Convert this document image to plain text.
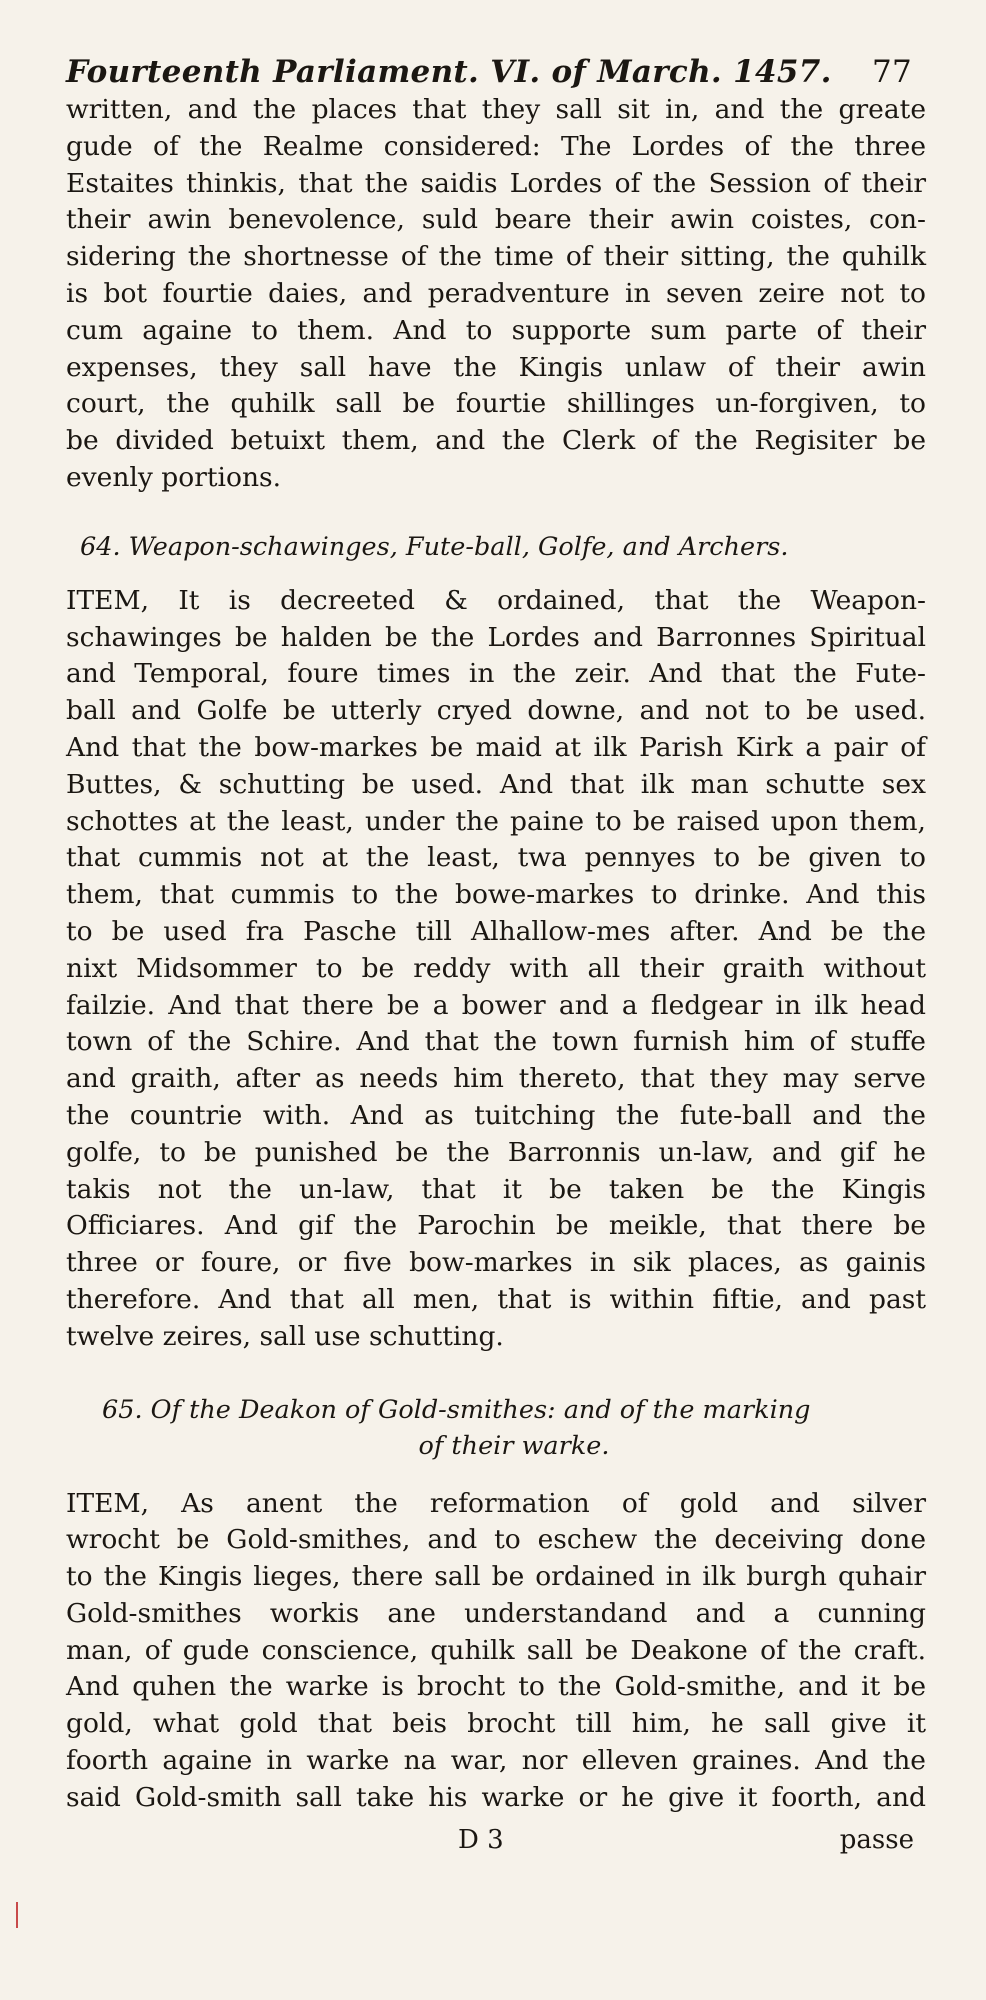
Fourteenth Parliament. VI. of March. 1457. 77
written, and the places that they sall sit in, and the greate
gude of the Realme considered: The Lordes of the three
Estaites thinkis, that the saidis Lordes of the Session of their
their awin benevolence, suld beare their awin coistes, con-
sidering the shortnesse of the time of their sitting, the quhilk
is bot fourtie daies, and peradventure in seven zeire not to
cum againe to them. And to supporte sum parte of their
expenses, they sall have the Kingis unlaw of their awin
court, the quhilk sall be fourtie shillinges un-forgiven, to
be divided betuixt them, and the Clerk of the Regisiter be
evenly portions.
64. Weapon-schawinges, Fute-ball, Golfe, and Archers.
ITEM, It is decreeted & ordained, that the Weapon-
schawinges be halden be the Lordes and Barronnes Spiritual
and Temporal, foure times in the zeir. And that the Fute-
ball and Golfe be utterly cryed downe, and not to be used.
And that the bow-markes be maid at ilk Parish Kirk a pair of
Buttes, & schutting be used. And that ilk man schutte sex
schottes at the least, under the paine to be raised upon them,
that cummis not at the least, twa pennyes to be given to
them, that cummis to the bowe-markes to drinke. And this
to be used fra Pasche till Alhallow-mes after. And be the
nixt Midsommer to be reddy with all their graith without
failzie. And that there be a bower and a fledgear in ilk head
town of the Schire. And that the town furnish him of stuffe
and graith, after as needs him thereto, that they may serve
the countrie with. And as tuitching the fute-ball and the
golfe, to be punished be the Barronnis un-law, and gif he
takis not the un-law, that it be taken be the Kingis
Officiares. And gif the Parochin be meikle, that there be
three or foure, or five bow-markes in sik places, as gainis
therefore. And that all men, that is within fiftie, and past
twelve zeires, sall use schutting.
65. Of the Deakon of Gold-smithes: and of the marking
of their warke.
ITEM, As anent the reformation of gold and silver
wrocht be Gold-smithes, and to eschew the deceiving done
to the Kingis lieges, there sall be ordained in ilk burgh quhair
Gold-smithes workis ane understandand and a cunning
man, of gude conscience, quhilk sall be Deakone of the craft.
And quhen the warke is brocht to the Gold-smithe, and it be
gold, what gold that beis brocht till him, he sall give it
foorth againe in warke na war, nor elleven graines. And the
said Gold-smith sall take his warke or he give it foorth, and
D 3	passe
